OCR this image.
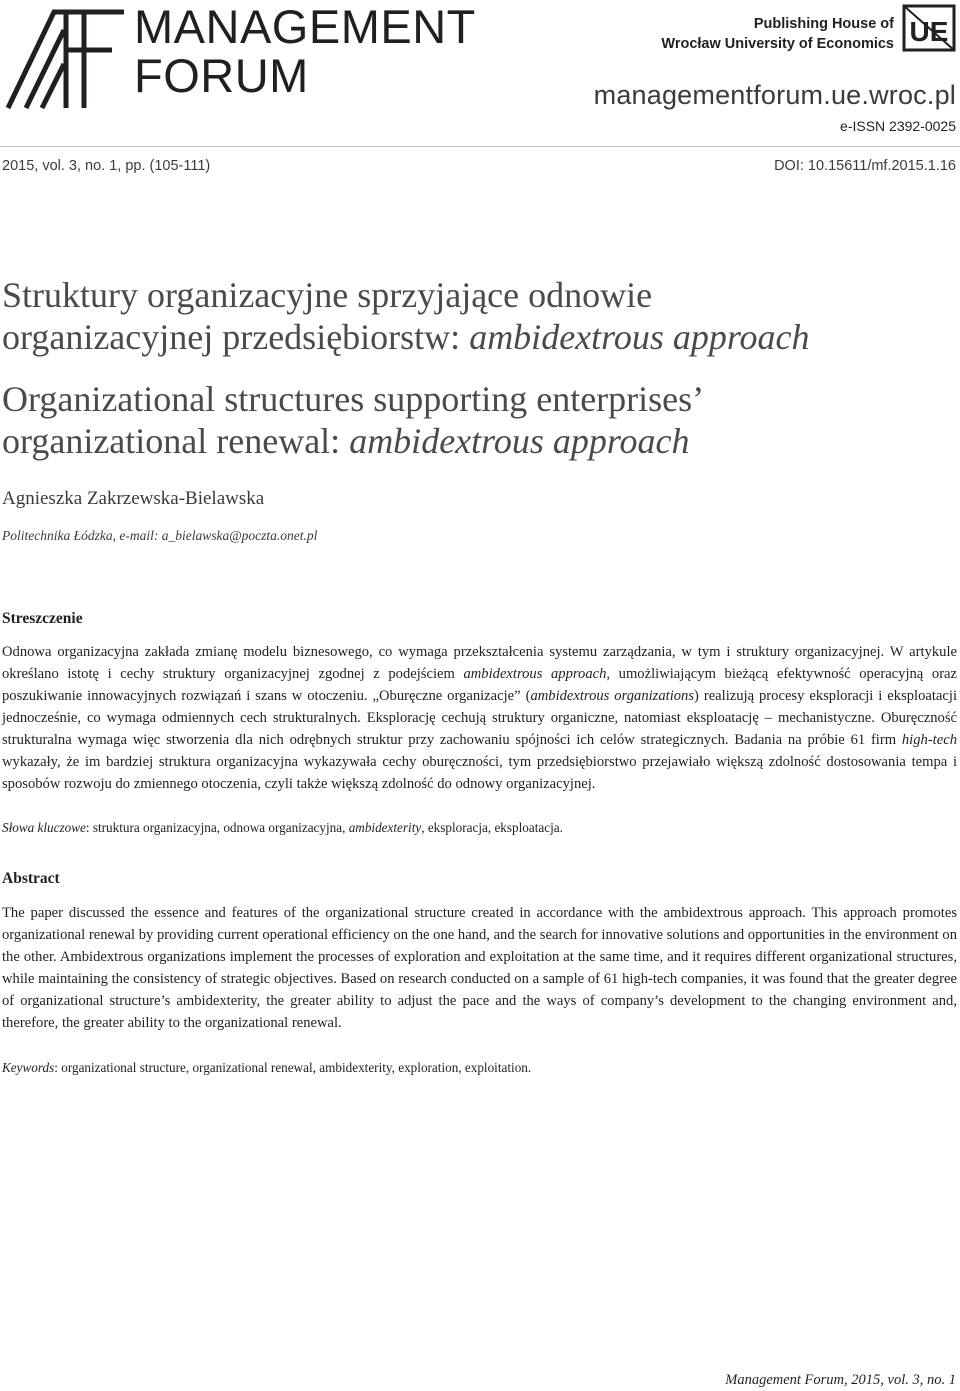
MANAGEMENT
FORUM
Publishing House of
Wrocław University of Economics UE
managementforum.ue.wroc.pl
e-ISSN 2392-0025
2015, vol. 3, no. 1, pp. (105-111)	DOI: 10.15611/mf.2015.1.16
Struktury organizacyjne sprzyjające odnowie
organizacyjnej przedsiębiorstw: ambidextrous approach
Organizational structures supporting enterprises’
organizational renewal: ambidextrous approach
Agnieszka Zakrzewska-Bielawska
Politechnika Łódzka, e-mail: a_bielawska@poczta.onet.pl
Streszczenie

Odnowa organizacyjna zakłada zmianę modelu biznesowego, co wymaga przekształcenia systemu zarządzania, w tym i struktury organizacyjnej. W artykule określano istotę i cechy struktury organizacyjnej zgodnej z podejściem ambidextrous approach, umożliwiającym bieżącą efektywność operacyjną oraz poszukiwanie innowacyjnych rozwiązań i szans w otoczeniu. „Oburęczne organizacje” (ambidextrous organizations) realizują procesy eksploracji i eksploatacji jednocześnie, co wymaga odmiennych cech strukturalnych. Eksplorację cechują struktury organiczne, natomiast eksploatację – mechanistyczne. Oburęczność strukturalna wymaga więc stworzenia dla nich odrębnych struktur przy zachowaniu spójności ich celów strategicznych. Badania na próbie 61 firm high-tech wykazały, że im bardziej struktura organizacyjna wykazywała cechy oburęczności, tym przedsiębiorstwo przejawiało większą zdolność dostosowania tempa i sposobów rozwoju do zmiennego otoczenia, czyli także większą zdolność do odnowy organizacyjnej.

Słowa kluczowe: struktura organizacyjna, odnowa organizacyjna, ambidexterity, eksploracja, eksploatacja.
Abstract

The paper discussed the essence and features of the organizational structure created in accordance with the ambidextrous approach. This approach promotes organizational renewal by providing current operational efficiency on the one hand, and the search for innovative solutions and opportunities in the environment on the other. Ambidextrous organizations implement the processes of exploration and exploitation at the same time, and it requires different organizational structures, while maintaining the consistency of strategic objectives. Based on research conducted on a sample of 61 high-tech companies, it was found that the greater degree of organizational structure’s ambidexterity, the greater ability to adjust the pace and the ways of company’s development to the changing environment and, therefore, the greater ability to the organizational renewal.

Keywords: organizational structure, organizational renewal, ambidexterity, exploration, exploitation.
Management Forum, 2015, vol. 3, no. 1
